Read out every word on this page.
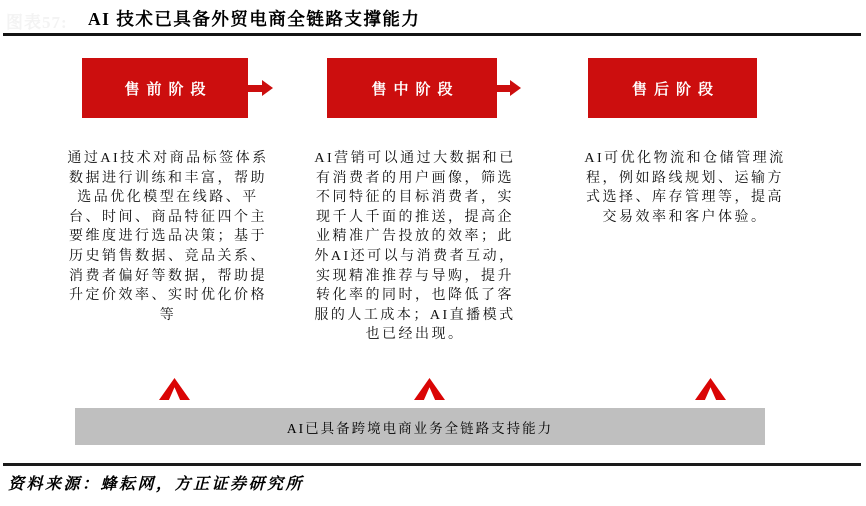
图表57: AI 技术已具备外贸电商全链路支撑能力
售前阶段	售中阶段	售后阶段
通过AI技术对商品标签体系数据进行训练和丰富，帮助选品优化模型在线路、平台、时间、商品特征四个主要维度进行选品决策；基于历史销售数据、竞品关系、消费者偏好等数据，帮助提升定价效率、实时优化价格等
AI营销可以通过大数据和已有消费者的用户画像，筛选不同特征的目标消费者，实现千人千面的推送，提高企业精准广告投放的效率；此外AI还可以与消费者互动，实现精准推荐与导购，提升转化率的同时，也降低了客服的人工成本；AI直播模式也已经出现。
AI可优化物流和仓储管理流程，例如路线规划、运输方式选择、库存管理等，提高交易效率和客户体验。
AI已具备跨境电商业务全链路支持能力
资料来源：蜂耘网，方正证券研究所
